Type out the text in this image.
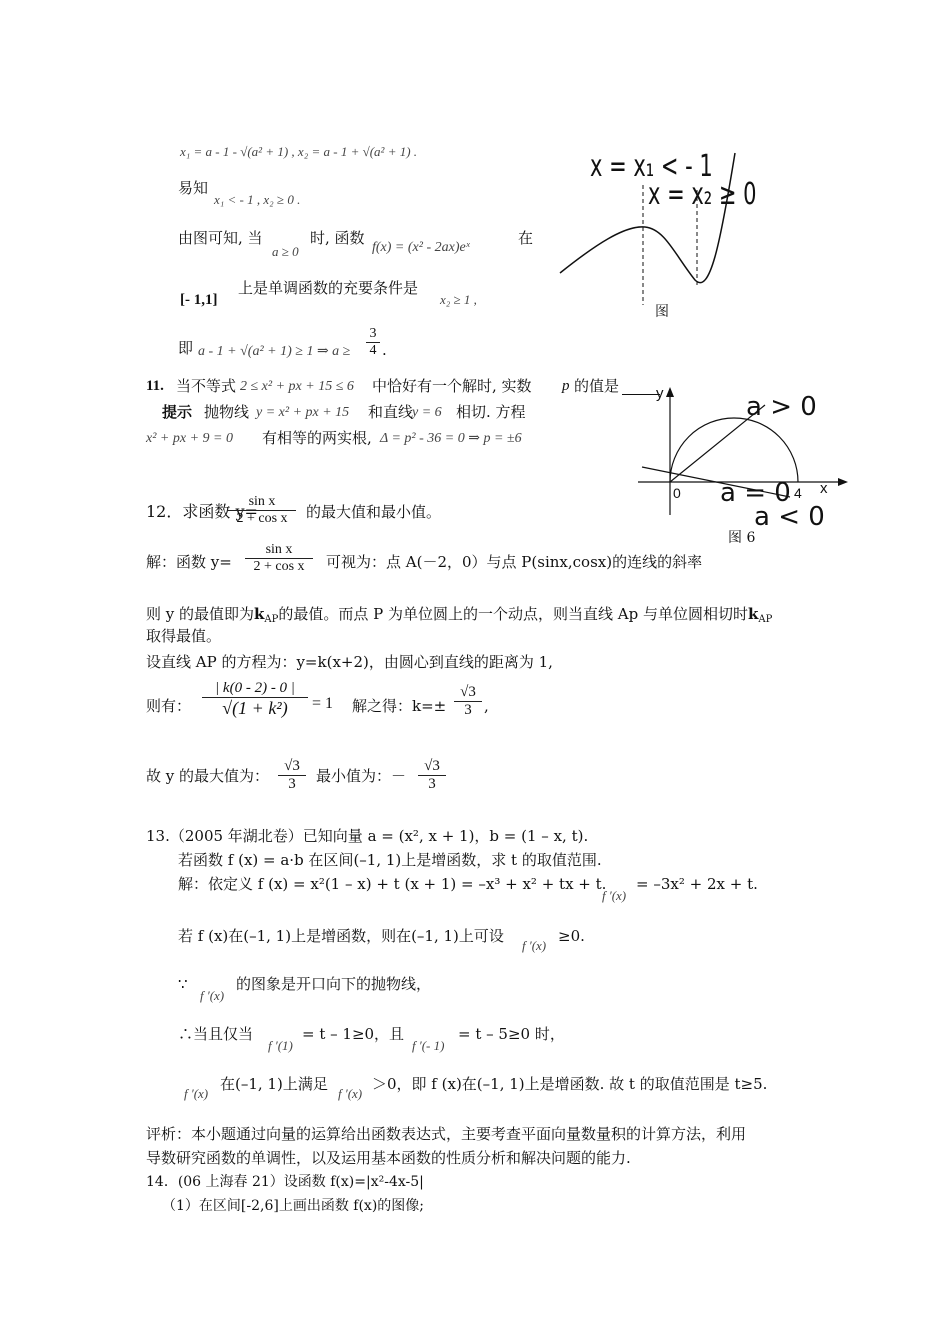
x₁ = a - 1 - √(a² + 1) , x₂ = a - 1 + √(a² + 1) .
易知
x₁ < - 1 , x₂ ≥ 0 .
由图可知, 当
a ≥ 0
时, 函数
f(x) = (x² - 2ax)eˣ
在
[- 1,1]
上是单调函数的充要条件是
x₂ ≥ 1 ,
即 a - 1 + √(a² + 1) ≥ 1 ⇒ a ≥
3
4 .
x = x₁ < - 1
x = x₂ ≥ 0
图
11. 当不等式 2 ≤ x² + px + 15 ≤ 6 中恰好有一个解时, 实数 p 的值是
提示 抛物线 y = x² + px + 15 和直线
y = 6 相切. 方程
x² + px + 9 = 0 有相等的两实根, Δ = p² - 36 = 0 ⇒ p = ±6
y
x
0	4
a > 0
a = 0
a < 0
图 6
12．求函数 y=
sin x
2 + cos x	的最大值和最小值。
解：函数 y=
sin x
2 + cos x	可视为：点 A(－2，0）与点 P(sinx,cosx)的连线的斜率
则 y 的最值即为$k_{AP}$的最值。而点 P 为单位圆上的一个动点，则当直线 Ap 与单位圆相切时$k_{AP}$
取得最值。
设直线 AP 的方程为：y=k(x+2)，由圆心到直线的距离为 1,
则有：
| k(0 - 2) - 0 |
√(1 + k²)	= 1 解之得：k=±
√3
3 ,
故 y 的最大值为：
√3
3	最小值为：－
√3
3
13.（2005 年湖北卷）已知向量 a = (x², x + 1)，b = (1 – x, t).
若函数 f (x) = a·b 在区间(–1, 1)上是增函数，求 t 的取值范围.
解：依定义 f (x) = x²(1 – x) + t (x + 1) = –x³ + x² + tx + t.
f ′(x)
= –3x² + 2x + t.
若 f (x)在(–1, 1)上是增函数，则在(–1, 1)上可设
f ′(x)
≥0.
∵
f ′(x)
的图象是开口向下的抛物线，
∴当且仅当
f ′(1)
= t – 1≥0，且
f ′(- 1)
= t – 5≥0 时，
f ′(x)
在(–1, 1)上满足
f ′(x)
＞0，即 f (x)在(–1, 1)上是增函数. 故 t 的取值范围是 t≥5.
评析：本小题通过向量的运算给出函数表达式，主要考查平面向量数量积的计算方法，利用
导数研究函数的单调性，以及运用基本函数的性质分析和解决问题的能力.
14．(06 上海春 21）设函数 f(x)=|x²-4x-5|
（1）在区间[-2,6]上画出函数 f(x)的图像;
